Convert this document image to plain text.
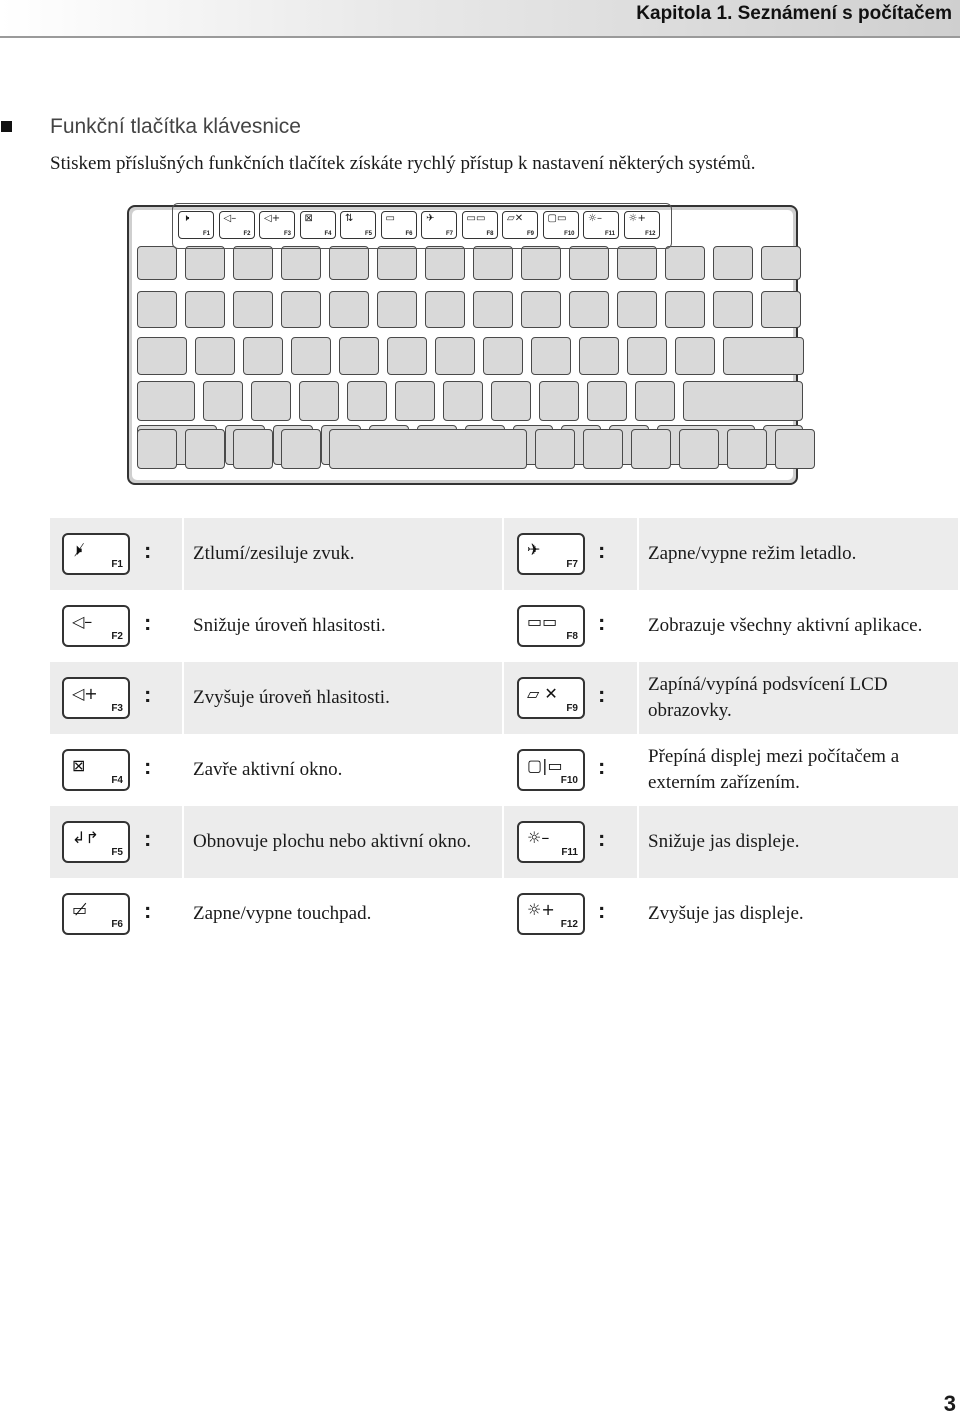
Kapitola 1. Seznámení s počítačem
Funkční tlačítka klávesnice
Stiskem příslušných funkčních tlačítek získáte rychlý přístup k nastavení některých systémů.
🕨
F1
◁–
F2
◁+
F3
⊠
F4
⇅
F5
▭
F6
✈
F7
▭▭
F8
▱✕
F9
▢▭
F10
☼–
F11
☼+
F12
🕨̸
F1
: Ztlumí/zesiluje zvuk.
◁–
F2
: Snižuje úroveň hlasitosti.
◁+
F3
: Zvyšuje úroveň hlasitosti.
⊠
F4
: Zavře aktivní okno.
↲↱
F5
: Obnovuje plochu nebo aktivní okno.
▭̸
F6
: Zapne/vypne touchpad.
✈
F7
: Zapne/vypne režim letadlo.
▭▭
F8
: Zobrazuje všechny aktivní aplikace.
▱ ✕
F9
: Zapíná/vypíná podsvícení LCD obrazovky.
▢|▭
F10
: Přepíná displej mezi počítačem a externím zařízením.
☼–
F11
: Snižuje jas displeje.
☼+
F12
: Zvyšuje jas displeje.
3
